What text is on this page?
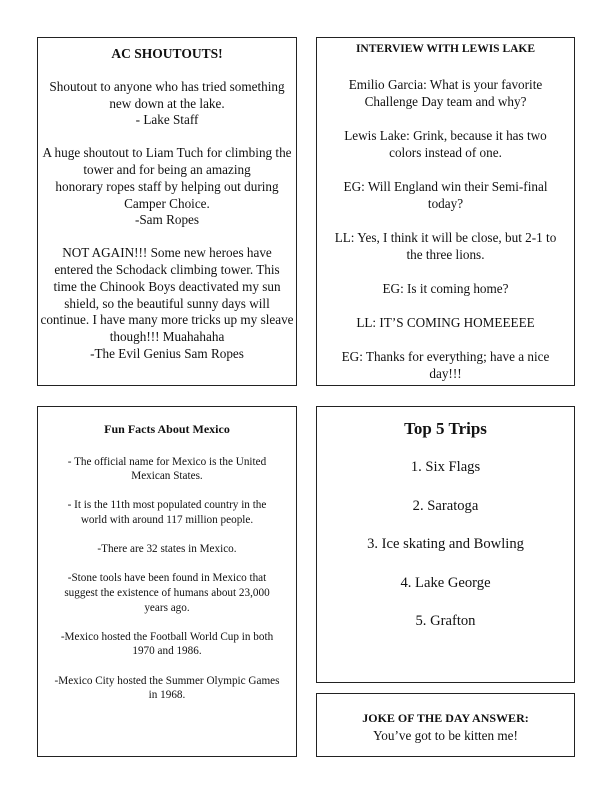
AC SHOUTOUTS!

Shoutout to anyone who has tried something

new down at the lake.

- Lake Staff

A huge shoutout to Liam Tuch for climbing the

tower and for being an amazing

honorary ropes staff by helping out during

Camper Choice.

-Sam Ropes

NOT AGAIN!!! Some new heroes have

entered the Schodack climbing tower. This

time the Chinook Boys deactivated my sun

shield, so the beautiful sunny days will

continue. I have many more tricks up my sleave

though!!! Muahahaha

-The Evil Genius Sam Ropes

INTERVIEW WITH LEWIS LAKE

Emilio Garcia: What is your favorite

Challenge Day team and why?

Lewis Lake: Grink, because it has two

colors instead of one.

EG: Will England win their Semi-final

today?

LL: Yes, I think it will be close, but 2-1 to

the three lions.

EG: Is it coming home?

LL: IT’S COMING HOMEEEEE

EG: Thanks for everything; have a nice

day!!!

Fun Facts About Mexico

- The official name for Mexico is the United

Mexican States.

- It is the 11th most populated country in the

world with around 117 million people.

-There are 32 states in Mexico.

-Stone tools have been found in Mexico that

suggest the existence of humans about 23,000

years ago.

-Mexico hosted the Football World Cup in both

1970 and 1986.

-Mexico City hosted the Summer Olympic Games

in 1968.

Top 5 Trips

1. Six Flags

2. Saratoga

3. Ice skating and Bowling

4. Lake George

5. Grafton

JOKE OF THE DAY ANSWER:

You’ve got to be kitten me!
